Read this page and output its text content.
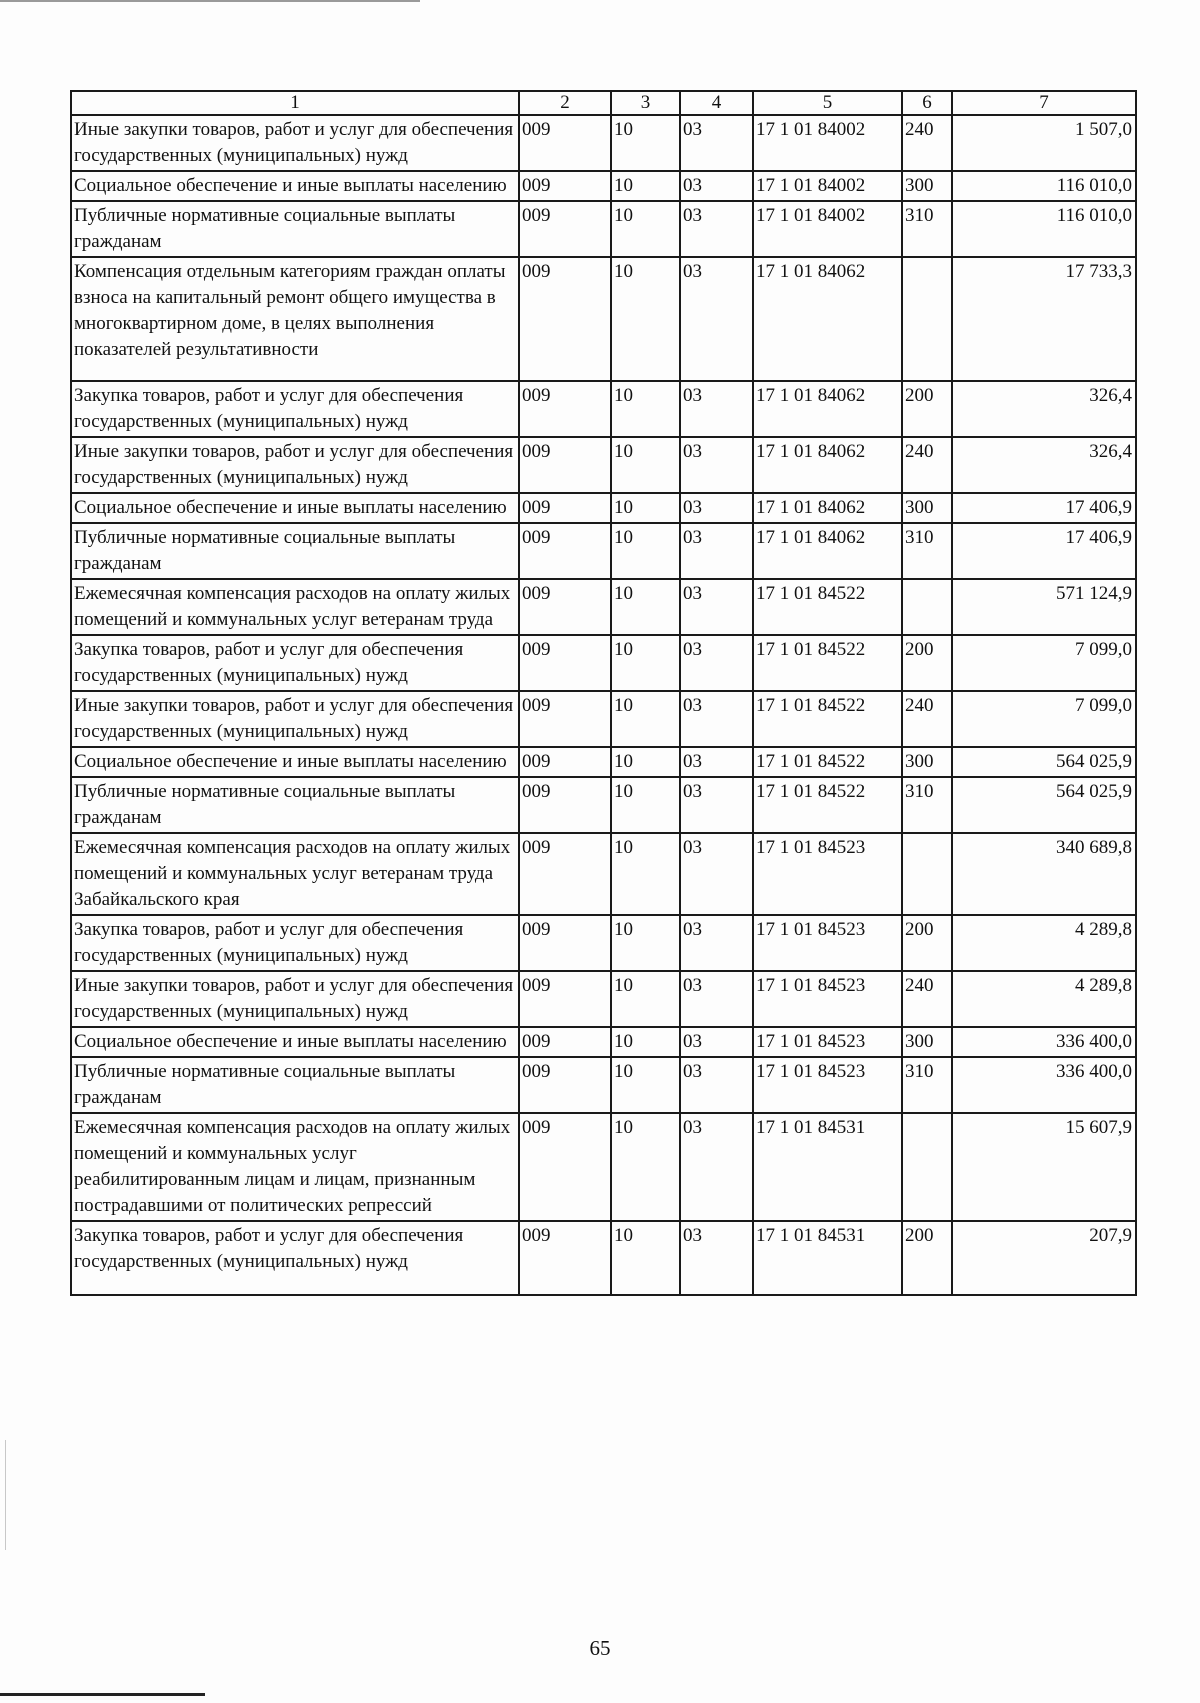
1	2	3	4	5	6	7
Иные закупки товаров, работ и услуг для обеспечения государственных (муниципальных) нужд	009	10	03	17 1 01 84002	240	1 507,0
Социальное обеспечение и иные выплаты населению	009	10	03	17 1 01 84002	300	116 010,0
Публичные нормативные социальные выплаты гражданам	009	10	03	17 1 01 84002	310	116 010,0
Компенсация отдельным категориям граждан оплаты взноса на капитальный ремонт общего имущества в многоквартирном доме, в целях выполнения показателей результативности	009	10	03	17 1 01 84062		17 733,3
Закупка товаров, работ и услуг для обеспечения государственных (муниципальных) нужд	009	10	03	17 1 01 84062	200	326,4
Иные закупки товаров, работ и услуг для обеспечения государственных (муниципальных) нужд	009	10	03	17 1 01 84062	240	326,4
Социальное обеспечение и иные выплаты населению	009	10	03	17 1 01 84062	300	17 406,9
Публичные нормативные социальные выплаты гражданам	009	10	03	17 1 01 84062	310	17 406,9
Ежемесячная компенсация расходов на оплату жилых помещений и коммунальных услуг ветеранам труда	009	10	03	17 1 01 84522		571 124,9
Закупка товаров, работ и услуг для обеспечения государственных (муниципальных) нужд	009	10	03	17 1 01 84522	200	7 099,0
Иные закупки товаров, работ и услуг для обеспечения государственных (муниципальных) нужд	009	10	03	17 1 01 84522	240	7 099,0
Социальное обеспечение и иные выплаты населению	009	10	03	17 1 01 84522	300	564 025,9
Публичные нормативные социальные выплаты гражданам	009	10	03	17 1 01 84522	310	564 025,9
Ежемесячная компенсация расходов на оплату жилых помещений и коммунальных услуг ветеранам труда Забайкальского края	009	10	03	17 1 01 84523		340 689,8
Закупка товаров, работ и услуг для обеспечения государственных (муниципальных) нужд	009	10	03	17 1 01 84523	200	4 289,8
Иные закупки товаров, работ и услуг для обеспечения государственных (муниципальных) нужд	009	10	03	17 1 01 84523	240	4 289,8
Социальное обеспечение и иные выплаты населению	009	10	03	17 1 01 84523	300	336 400,0
Публичные нормативные социальные выплаты гражданам	009	10	03	17 1 01 84523	310	336 400,0
Ежемесячная компенсация расходов на оплату жилых помещений и коммунальных услуг реабилитированным лицам и лицам, признанным пострадавшими от политических репрессий	009	10	03	17 1 01 84531		15 607,9
Закупка товаров, работ и услуг для обеспечения государственных (муниципальных) нужд	009	10	03	17 1 01 84531	200	207,9
65
